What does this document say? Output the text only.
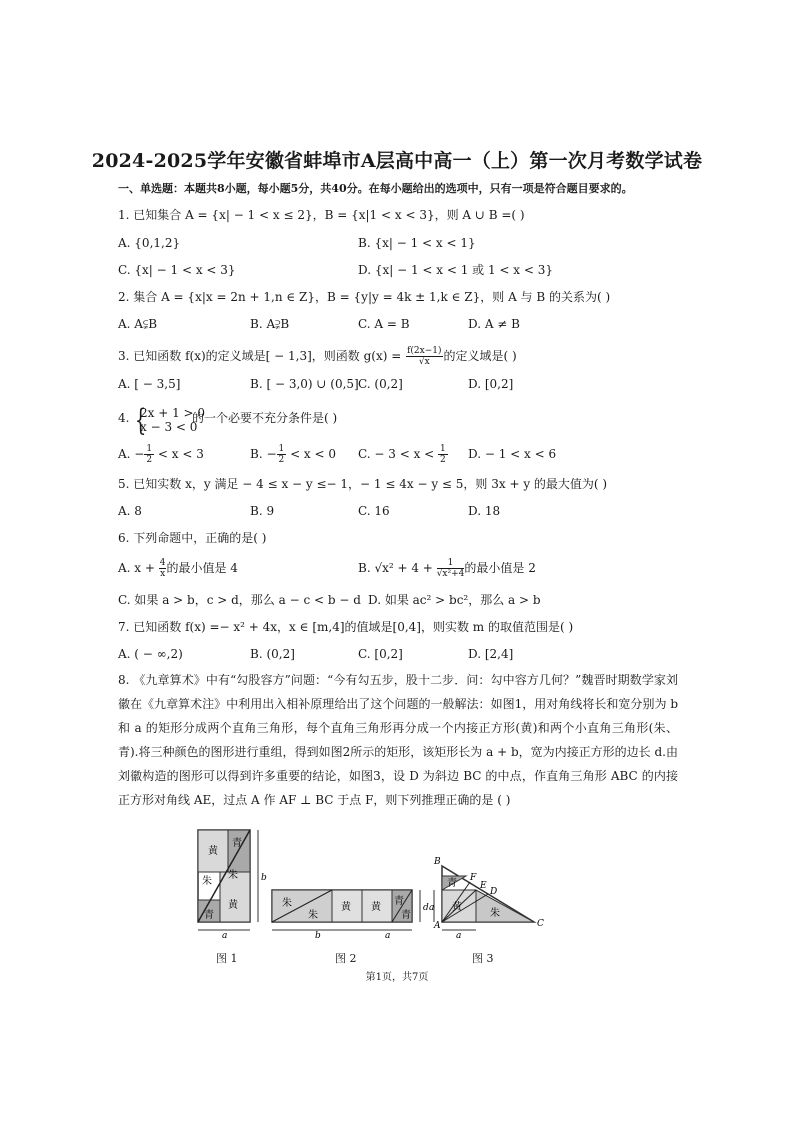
2024-2025学年安徽省蚌埠市A层高中高一（上）第一次月考数学试卷
一、单选题：本题共8小题，每小题5分，共40分。在每小题给出的选项中，只有一项是符合题目要求的。
1. 已知集合 A = {x| − 1 < x ≤ 2}，B = {x|1 < x < 3}，则 A ∪ B =( )
A. {0,1,2}	B. {x| − 1 < x < 1}
C. {x| − 1 < x < 3}	D. {x| − 1 < x < 1 或 1 < x < 3}
2. 集合 A = {x|x = 2n + 1,n ∈ Z}，B = {y|y = 4k ± 1,k ∈ Z}，则 A 与 B 的关系为( )
A. A⫋B	B. A⫌B	C. A = B	D. A ≠ B
3. 已知函数 f(x)的定义域是[ − 1,3]，则函数 $g(x) = \frac{f(2x-1)}{√x}$ 的定义域是( )
A. [ − 3,5]	B. [ − 3,0) ∪ (0,5] C. (0,2]	D. [0,2]
4. {
2x + 1 > 0
x − 3 < 0
的一个必要不充分条件是( )
A. − $\frac{1}{2} < x < 3$	B. − $\frac{1}{2} < x < 0$ C. − $3 < x < \frac{1}{2} D$. − 1 < x < 6
5. 已知实数 x，y 满足 − 4 ≤ x − y ≤− 1，− 1 ≤ 4x − y ≤ 5，则 3x + y 的最大值为( )
A. 8	B. 9	C. 16	D. 18
6. 下列命题中，正确的是( )
A. $x + \frac{4}{x}$ 的最小值是 4	B. $√x^2 + 4 + \frac{1}{\text{√x²+4}}$ 的最小值是 2
C. 如果 a > b，c > d，那么 a − c < b − d D. 如果 ac² > bc²，那么 a > b
7. 已知函数 f(x) =− x² + 4x，x ∈ [m,4]的值域是[0,4]，则实数 m 的取值范围是( )
A. ( − ∞,2)	B. (0,2]	C. [0,2]	D. [2,4]
8. 《九章算术》中有“勾股容方”问题：“今有勾五步，股十二步．问：勾中容方几何？”魏晋时期数学家刘徽在《九章算术注》中利用出入相补原理给出了这个问题的一般解法：如图1，用对角线将长和宽分别为 b 和 a 的矩形分成两个直角三角形，每个直角三角形再分成一个内接正方形(黄)和两个小直角三角形(朱、青).将三种颜色的图形进行重组，得到如图2所示的矩形，该矩形长为 a + b，宽为内接正方形的边长 d.由刘徽构造的图形可以得到许多重要的结论，如图3，设 D 为斜边 BC 的中点，作直角三角形 ABC 的内接正方形对角线 AE，过点 A 作 AF ⊥ BC 于点 F，则下列推理正确的是 ( )
黄
青
朱
朱
黄
青
b
a
朱
朱
黄 黄
青
青
d
b	a
B
A	C
F
E
D
青
黄
朱
a
a
图 1	图 2	图 3
第1页，共7页
